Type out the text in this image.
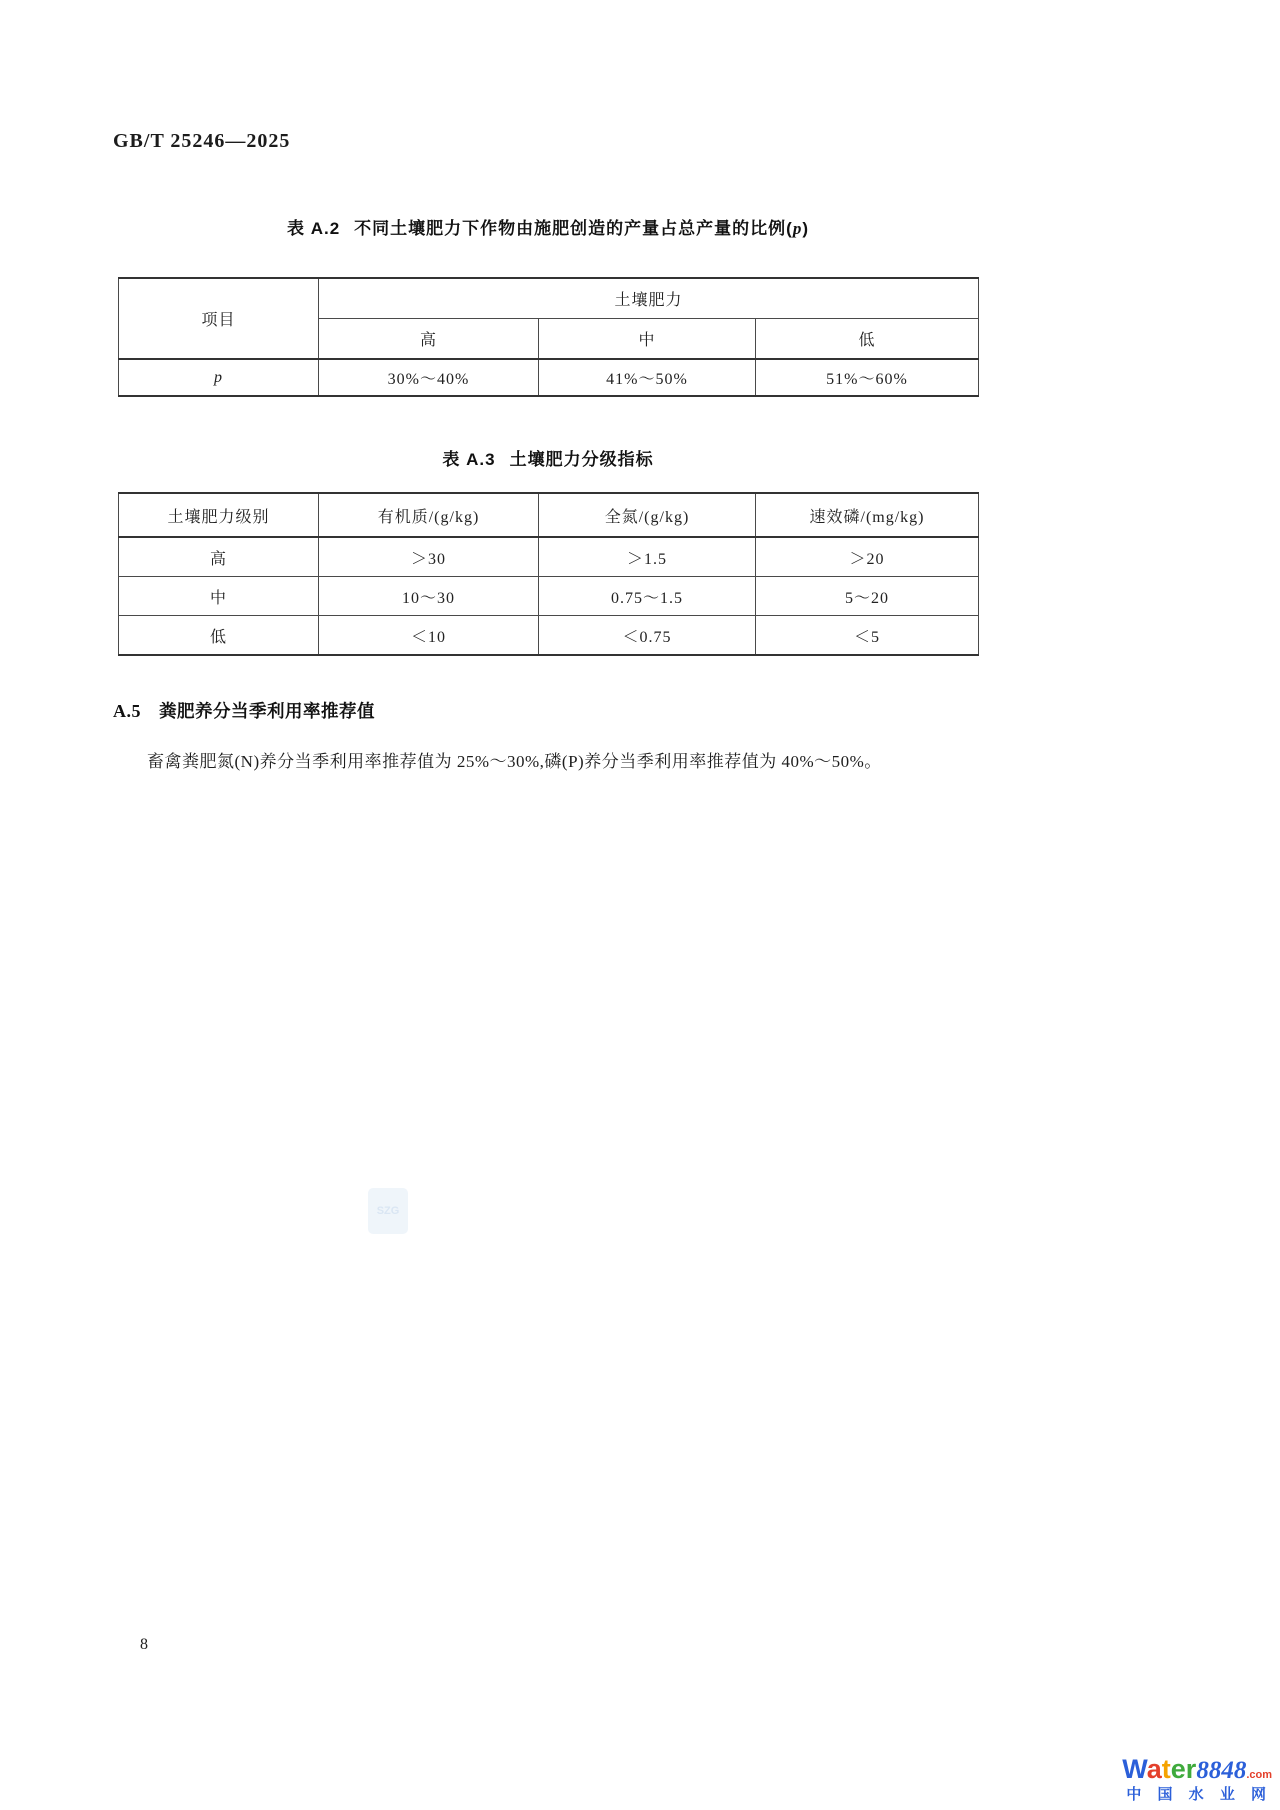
GB/T 25246—2025
表 A.2 不同土壤肥力下作物由施肥创造的产量占总产量的比例(p)
项目	土壤肥力		
	高	中	低
p	30%～40%	41%～50%	51%～60%
表 A.3 土壤肥力分级指标
土壤肥力级别	有机质/(g/kg)	全氮/(g/kg)	速效磷/(mg/kg)
高	＞30	＞1.5	＞20
中	10～30	0.75～1.5	5～20
低	＜10	＜0.75	＜5
A.5 粪肥养分当季利用率推荐值
畜禽粪肥氮(N)养分当季利用率推荐值为 25%～30%,磷(P)养分当季利用率推荐值为 40%～50%。
8
SZG
Water8848.com
中 国 水 业 网
